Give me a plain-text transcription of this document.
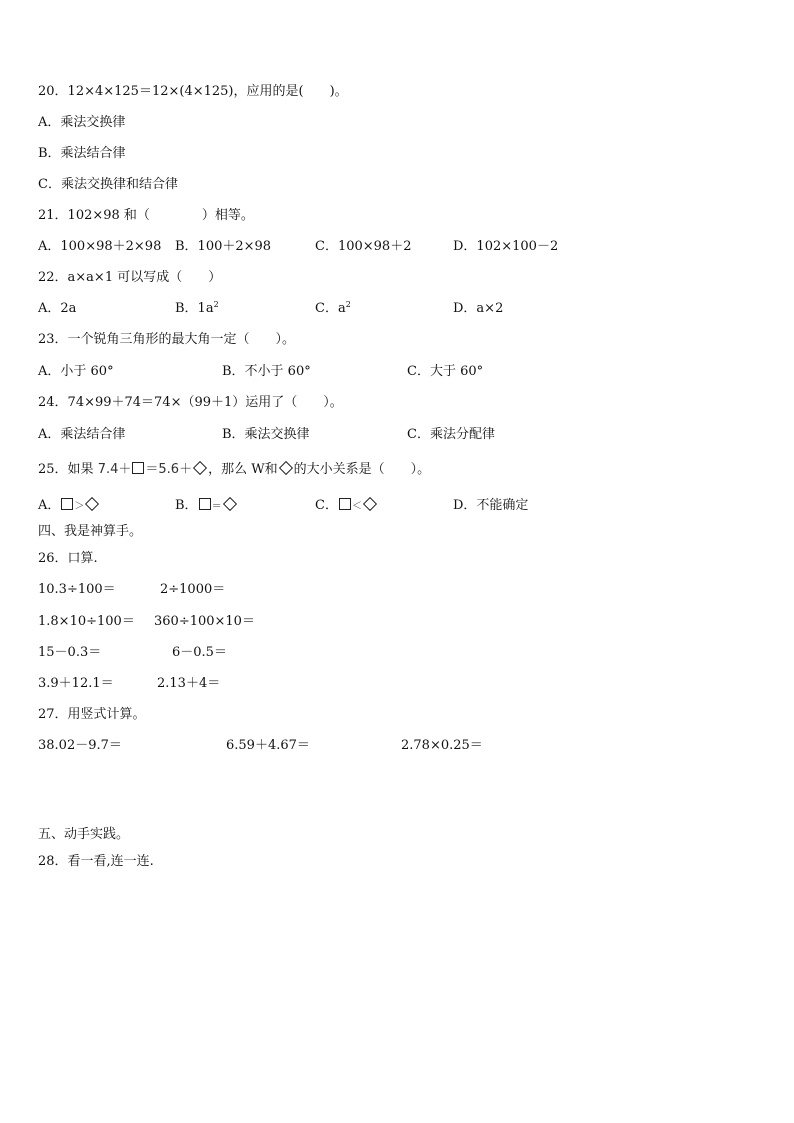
20．12×4×125＝12×(4×125)，应用的是(　　)。
A．乘法交换律
B．乘法结合律
C．乘法交换律和结合律
21．102×98 和（　　　　）相等。
A．100×98＋2×98 B．100＋2×98	C．100×98＋2	D．102×100－2
22．a×a×1 可以写成（　　）
A．2a	B．$1a^2$	C．$a^2$	D．a×2
23．一个锐角三角形的最大角一定（　　）。
A．小于 60°	B．不小于 60°	C．大于 60°
24．74×99＋74＝74×（99＋1）运用了（　　）。
A．乘法结合律	B．乘法交换律	C．乘法分配律
25．如果 7.4＋ ＝5.6＋ ，那么 W和 的大小关系是（　　）。
A． ＞	B． ＝	C． ＜	D．不能确定
四、我是神算手。
26．口算.
10.3÷100＝	2÷1000＝
1.8×10÷100＝ 360÷100×10＝
15－0.3＝	6－0.5＝
3.9＋12.1＝	2.13＋4＝
27．用竖式计算。
38.02－9.7＝	6.59＋4.67＝	2.78×0.25＝
五、动手实践。
28．看一看,连一连.
